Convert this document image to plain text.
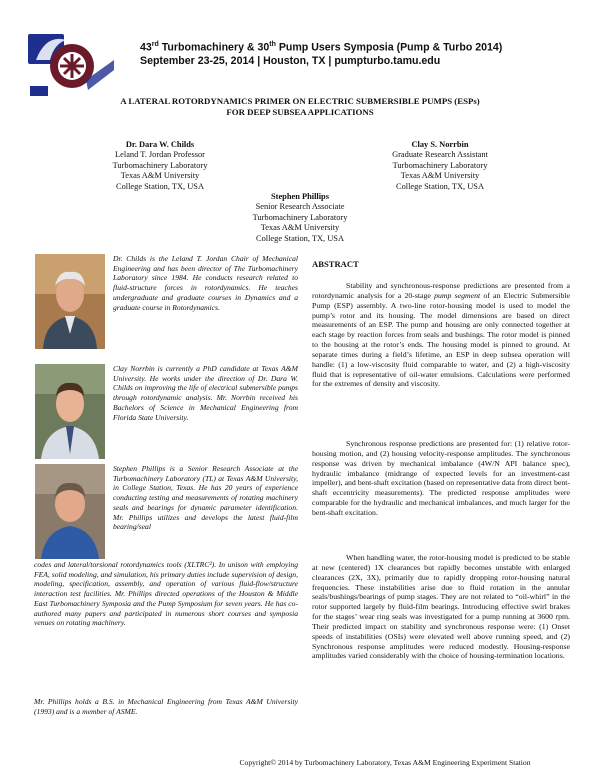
43rd Turbomachinery & 30th Pump Users Symposia (Pump & Turbo 2014)
September 23-25, 2014 | Houston, TX | pumpturbo.tamu.edu
A LATERAL ROTORDYNAMICS PRIMER ON ELECTRIC SUBMERSIBLE PUMPS (ESPs)
FOR DEEP SUBSEA APPLICATIONS
Dr. Dara W. Childs
Leland T. Jordan Professor
Turbomachinery Laboratory
Texas A&M University
College Station, TX, USA
Clay S. Norrbin
Graduate Research Assistant
Turbomachinery Laboratory
Texas A&M University
College Station, TX, USA
Stephen Phillips
Senior Research Associate
Turbomachinery Laboratory
Texas A&M University
College Station, TX, USA
Dr. Childs is the Leland T. Jordan Chair of Mechanical Engineering and has been director of The Turbomachinery Laboratory since 1984. He conducts research related to fluid-structure forces in rotordynamics. He teaches undergraduate and graduate courses in Dynamics and a graduate course in Rotordynamics.
Clay Norrbin is currently a PhD candidate at Texas A&M University. He works under the direction of Dr. Dara W. Childs on improving the life of electrical submersible pumps through rotordynamic analysis. Mr. Norrbin received his Bachelors of Science in Mechanical Engineering from Florida State University.
Stephen Phillips is a Senior Research Associate at the Turbomachinery Laboratory (TL) at Texas A&M University, in College Station, Texas. He has 20 years of experience conducting testing and measurements of rotating machinery seals and bearings for dynamic parameter identification. Mr. Phillips utilizes and develops the latest fluid-film bearing/seal
codes and lateral/torsional rotordynamics tools (XLTRC²). In unison with employing FEA, solid modeling, and simulation, his primary duties include supervision of design, modeling, specification, assembly, and operation of various fluid-flow/structure interaction test facilities. Mr. Phillips directed operations of the Houston & Middle East Turbomachinery Symposia and the Pump Symposium for seven years. He has co-authored many papers and participated in numerous short courses and symposia venues on rotating machinery.
Mr. Phillips holds a B.S. in Mechanical Engineering from Texas A&M University (1993) and is a member of ASME.
ABSTRACT

Stability and synchronous-response predictions are presented from a rotordynamic analysis for a 20-stage pump segment of an Electric Submersible Pump (ESP) assembly. A two-line rotor-housing model is used to model the pump’s rotor and its housing. The model dimensions are based on direct measurements of an ESP. The pump and housing are only connected together at each stage by reaction forces from seals and bushings. The rotor model is pinned to the housing at the rotor’s ends. The housing model is pinned to ground. At separate times during a field’s lifetime, an ESP in deep subsea operation will handle: (1) a low-viscosity fluid comparable to water, and (2) a high-viscosity fluid that is representative of oil-water emulsions. Calculations were performed for the extremes of density and viscosity.

Synchronous response predictions are presented for: (1) relative rotor-housing motion, and (2) housing velocity-response amplitudes. The synchronous response was driven by mechanical imbalance (4W/N API balance spec), hydraulic imbalance (midrange of expected levels for an investment-cast impeller), and bent-shaft excitation (based on representative data from direct bent-shaft eccentricity measurements). The predicted response amplitudes were comparable for the hydraulic and mechanical imbalances, and much larger for the bent-shaft excitation.

When handling water, the rotor-housing model is predicted to be stable at new (centered) 1X clearances but rapidly becomes unstable with enlarged clearances (2X, 3X), primarily due to rapidly dropping rotor-housing natural frequencies. These instabilities arise due to fluid rotation in the annular seals/bushings/bearings of pump stages. They are not related to “oil-whirl” in the rotor supported largely by fluid-film bearings. Introducing effective swirl brakes for the stages’ wear ring seals was investigated for a pump running at 3600 rpm. Their predicted impact on stability and synchronous response were: (1) Onset speeds of instabilities (OSIs) were elevated well above running speed, and (2) Synchronous response amplitudes were reduced modestly. Housing-response amplitudes varied considerably with the choice of housing-termination locations.

Copyright© 2014 by Turbomachinery Laboratory, Texas A&M Engineering Experiment Station
